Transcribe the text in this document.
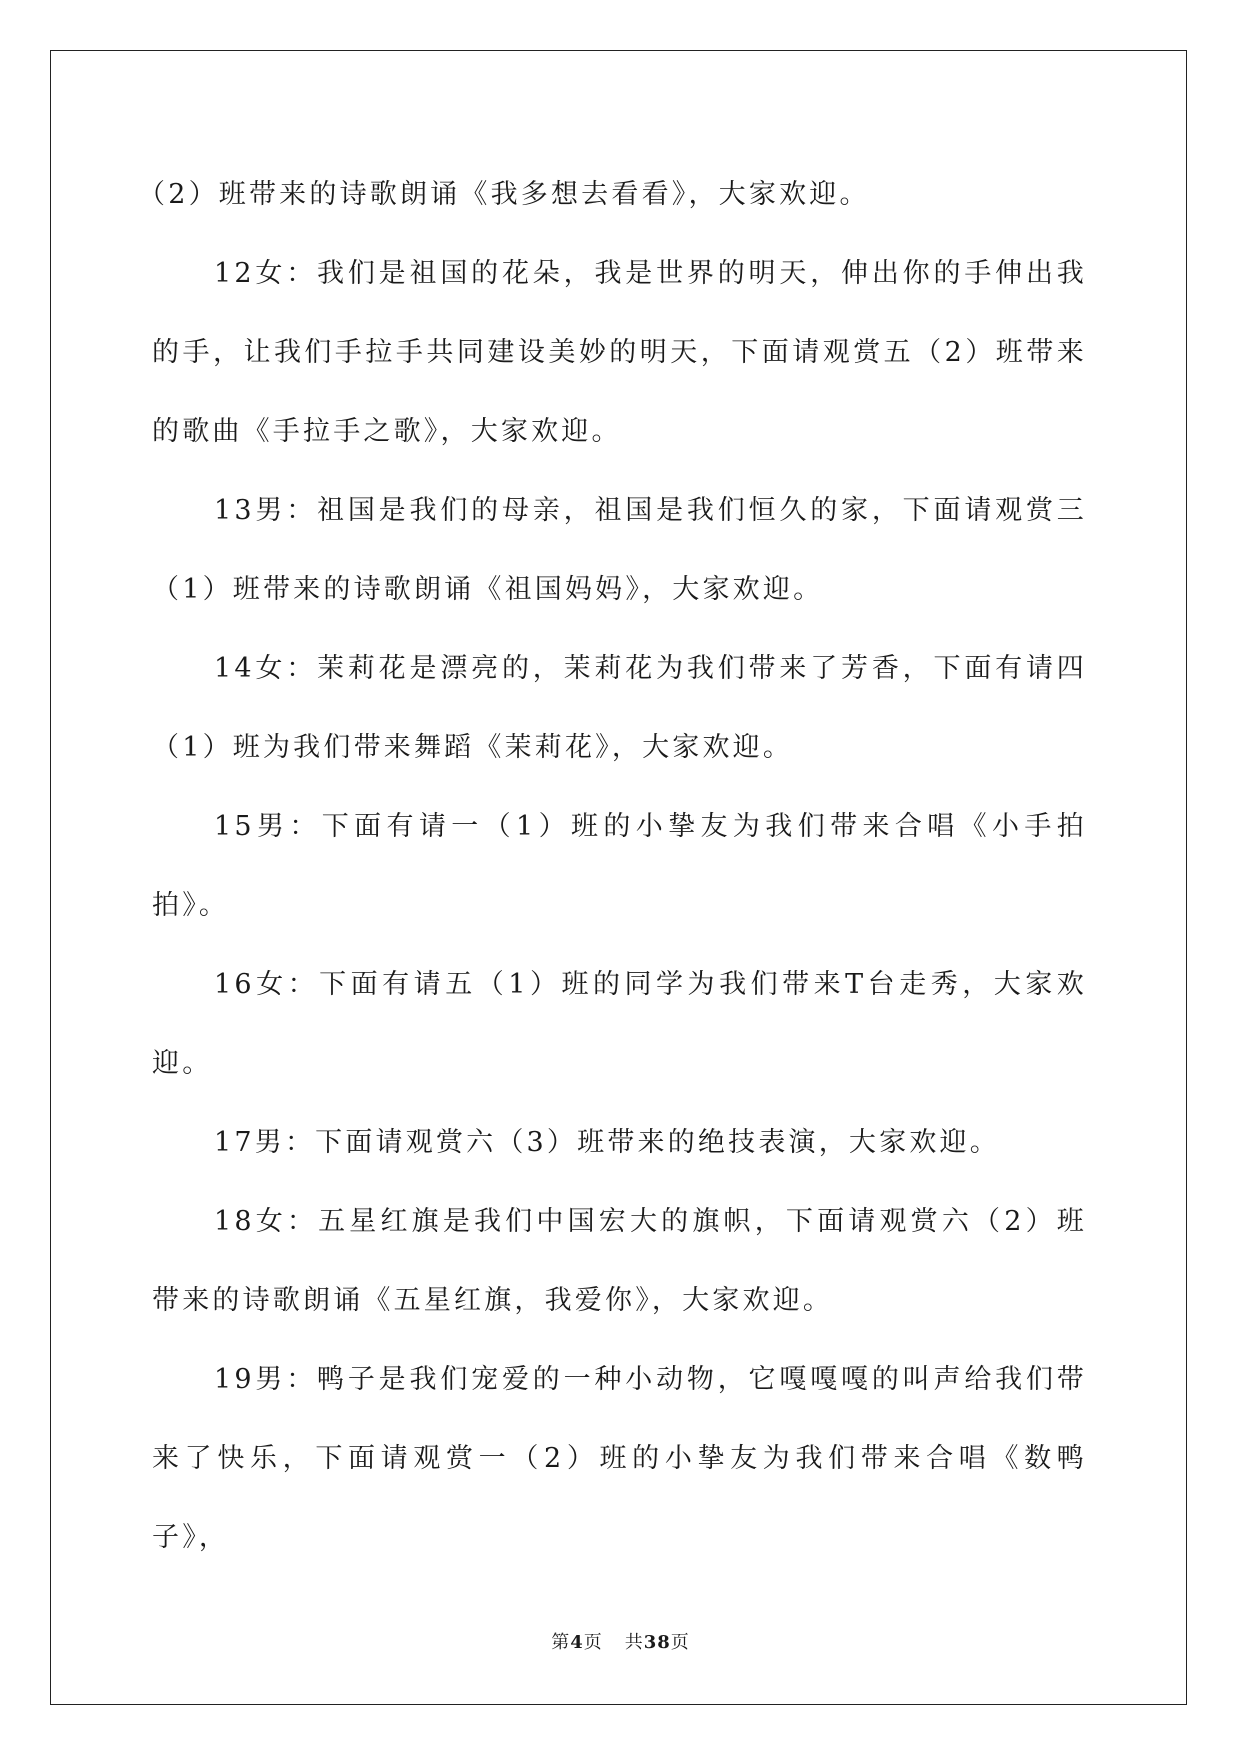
（2）班带来的诗歌朗诵《我多想去看看》，大家欢迎。

12女：我们是祖国的花朵，我是世界的明天，伸出你的手伸出我的手，让我们手拉手共同建设美妙的明天，下面请观赏五（2）班带来的歌曲《手拉手之歌》，大家欢迎。

13男：祖国是我们的母亲，祖国是我们恒久的家，下面请观赏三（1）班带来的诗歌朗诵《祖国妈妈》，大家欢迎。

14女：茉莉花是漂亮的，茉莉花为我们带来了芳香，下面有请四（1）班为我们带来舞蹈《茉莉花》，大家欢迎。

15男：下面有请一（1）班的小挚友为我们带来合唱《小手拍拍》。

16女：下面有请五（1）班的同学为我们带来T台走秀，大家欢迎。

17男：下面请观赏六（3）班带来的绝技表演，大家欢迎。

18女：五星红旗是我们中国宏大的旗帜，下面请观赏六（2）班带来的诗歌朗诵《五星红旗，我爱你》，大家欢迎。

19男：鸭子是我们宠爱的一种小动物，它嘎嘎嘎的叫声给我们带来了快乐，下面请观赏一（2）班的小挚友为我们带来合唱《数鸭子》，

第4页 共38页
